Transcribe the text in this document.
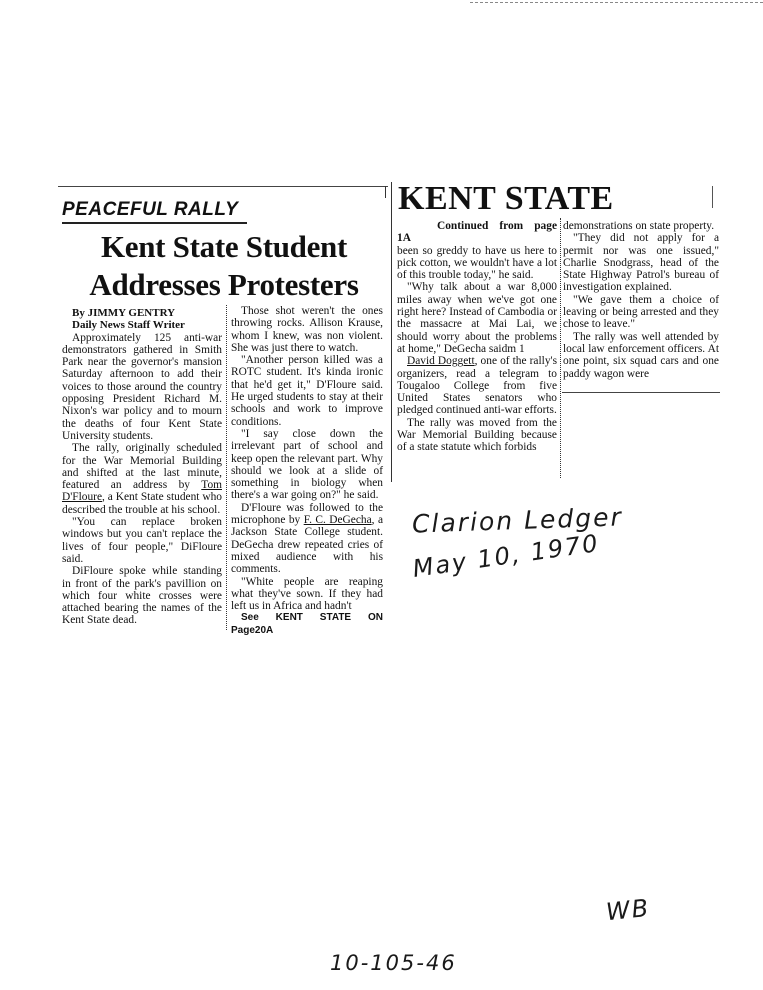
PEACEFUL RALLY
Kent State Student
Addresses Protesters

By JIMMY GENTRY

Daily News Staff Writer

Approximately 125 anti-war demonstrators gathered in Smith Park near the governor's mansion Saturday afternoon to add their voices to those around the country opposing President Richard M. Nixon's war policy and to mourn the deaths of four Kent State University students.

The rally, originally scheduled for the War Memorial Building and shifted at the last minute, featured an address by Tom D'Floure, a Kent State student who described the trouble at his school.

"You can replace broken windows but you can't replace the lives of four people," DiFloure said.

DiFloure spoke while standing in front of the park's pavillion on which four white crosses were attached bearing the names of the Kent State dead.

Those shot weren't the ones throwing rocks. Allison Krause, whom I knew, was non violent. She was just there to watch.

"Another person killed was a ROTC student. It's kinda ironic that he'd get it," D'Floure said. He urged students to stay at their schools and work to improve conditions.

"I say close down the irrelevant part of school and keep open the relevant part. Why should we look at a slide of something in biology when there's a war going on?" he said.

D'Floure was followed to the microphone by F. C. DeGecha, a Jackson State College student. DeGecha drew repeated cries of mixed audience with his comments.

"White people are reaping what they've sown. If they had left us in Africa and hadn't

See KENT STATE ON Page20A

KENT STATE

Continued from page 1A

been so greddy to have us here to pick cotton, we wouldn't have a lot of this trouble today," he said.

"Why talk about a war 8,000 miles away when we've got one right here? Instead of Cambodia or the massacre at Mai Lai, we should worry about the problems at home," DeGecha saidm 1

David Doggett, one of the rally's organizers, read a telegram to Tougaloo College from five United States senators who pledged continued anti-war efforts.

The rally was moved from the War Memorial Building because of a state statute which forbids

demonstrations on state property.

"They did not apply for a permit nor was one issued," Charlie Snodgrass, head of the State Highway Patrol's bureau of investigation explained.

"We gave them a choice of leaving or being arrested and they chose to leave."

The rally was well attended by local law enforcement officers. At one point, six squad cars and one paddy wagon were

Clarion Ledger
May 10, 1970
WB
10-105-46
